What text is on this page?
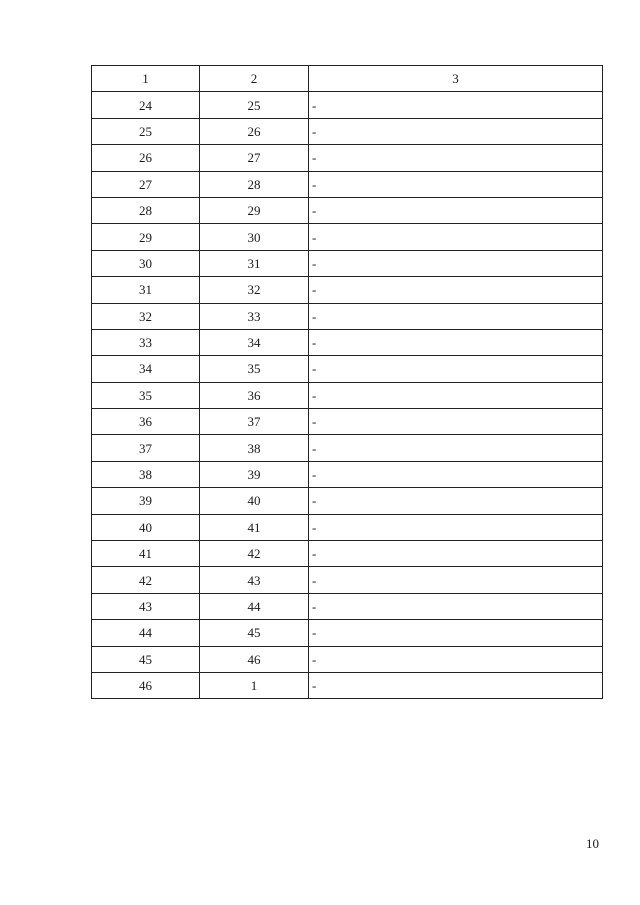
1	2	3
24	25	-
25	26	-
26	27	-
27	28	-
28	29	-
29	30	-
30	31	-
31	32	-
32	33	-
33	34	-
34	35	-
35	36	-
36	37	-
37	38	-
38	39	-
39	40	-
40	41	-
41	42	-
42	43	-
43	44	-
44	45	-
45	46	-
46	1	-
10
